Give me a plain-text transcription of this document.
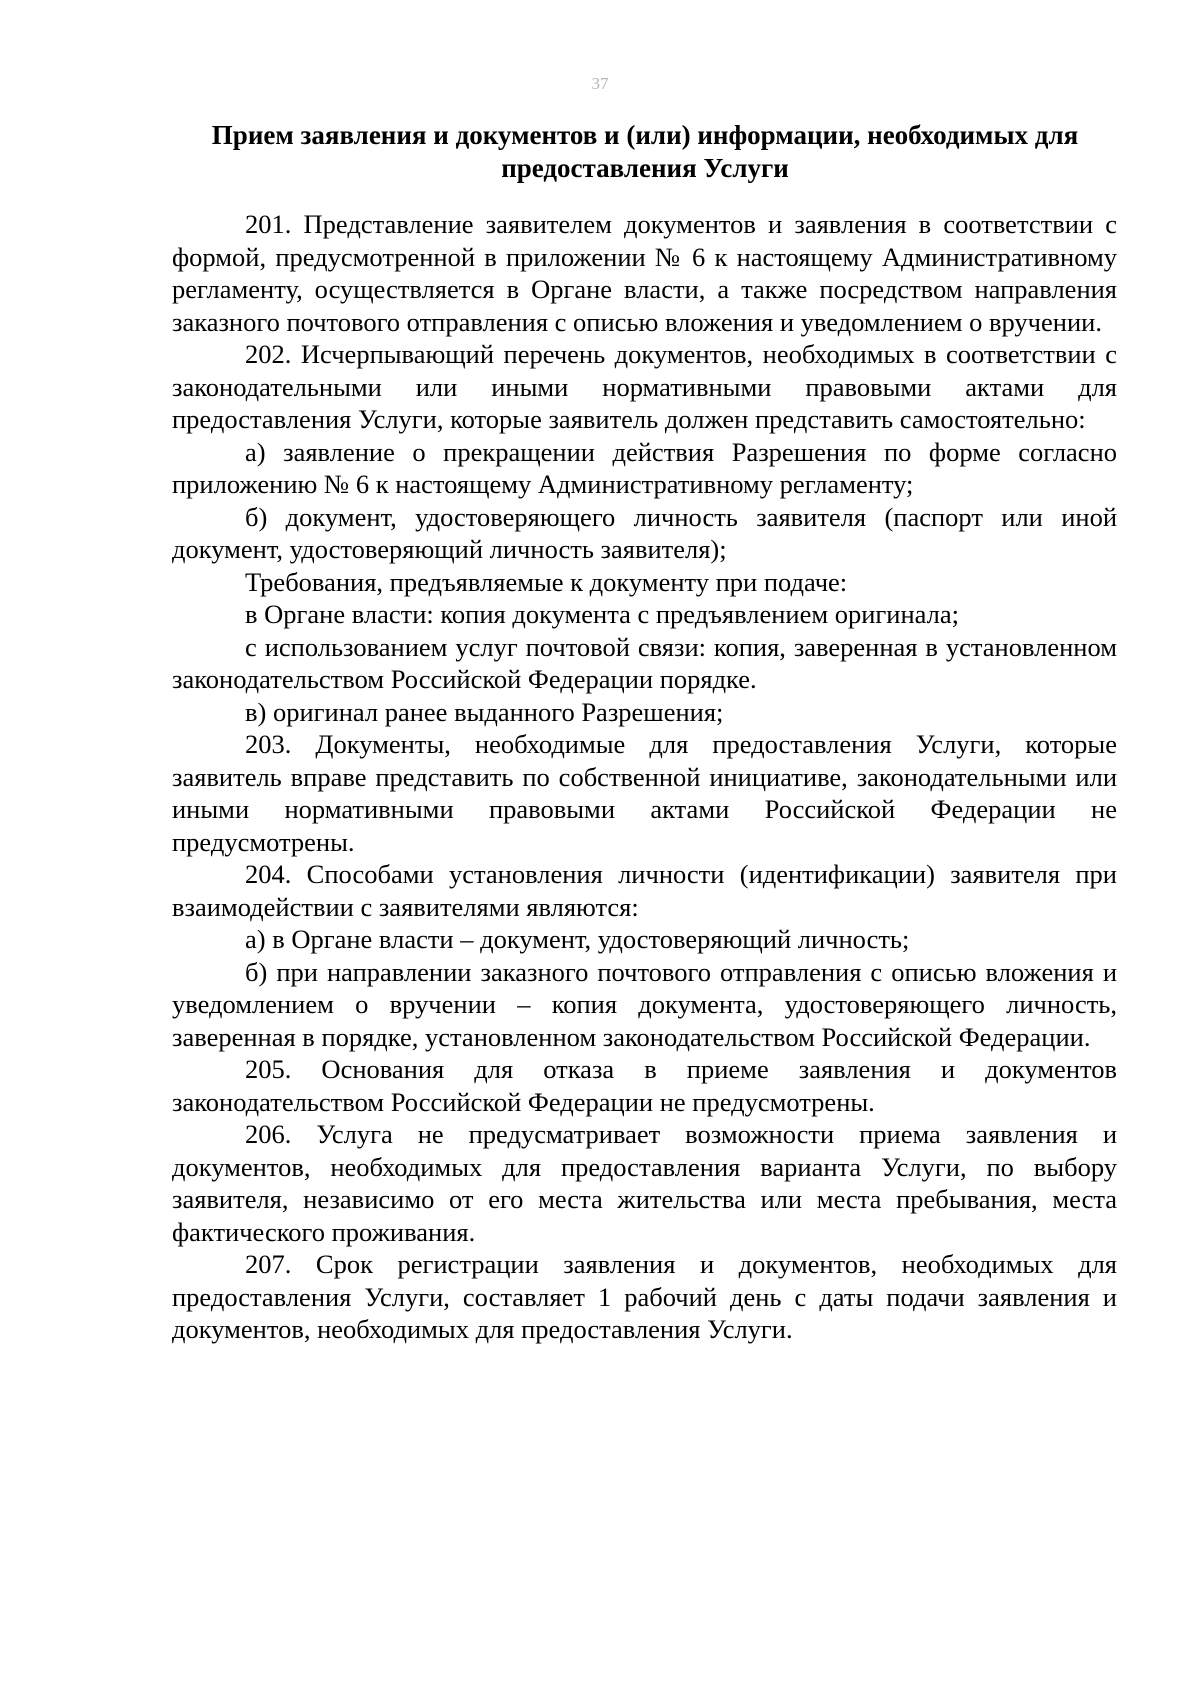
37
Прием заявления и документов и (или) информации, необходимых для предоставления Услуги

201. Представление заявителем документов и заявления в соответствии с формой, предусмотренной в приложении № 6 к настоящему Административному регламенту, осуществляется в Органе власти, а также посредством направления заказного почтового отправления с описью вложения и уведомлением о вручении.

202. Исчерпывающий перечень документов, необходимых в соответствии с законодательными или иными нормативными правовыми актами для предоставления Услуги, которые заявитель должен представить самостоятельно:

а) заявление о прекращении действия Разрешения по форме согласно приложению № 6 к настоящему Административному регламенту;

б) документ, удостоверяющего личность заявителя (паспорт или иной документ, удостоверяющий личность заявителя);

Требования, предъявляемые к документу при подаче:

в Органе власти: копия документа с предъявлением оригинала;

с использованием услуг почтовой связи: копия, заверенная в установленном законодательством Российской Федерации порядке.

в) оригинал ранее выданного Разрешения;

203. Документы, необходимые для предоставления Услуги, которые заявитель вправе представить по собственной инициативе, законодательными или иными нормативными правовыми актами Российской Федерации не предусмотрены.

204. Способами установления личности (идентификации) заявителя при взаимодействии с заявителями являются:

а) в Органе власти – документ, удостоверяющий личность;

б) при направлении заказного почтового отправления с описью вложения и уведомлением о вручении – копия документа, удостоверяющего личность, заверенная в порядке, установленном законодательством Российской Федерации.

205. Основания для отказа в приеме заявления и документов законодательством Российской Федерации не предусмотрены.

206. Услуга не предусматривает возможности приема заявления и документов, необходимых для предоставления варианта Услуги, по выбору заявителя, независимо от его места жительства или места пребывания, места фактического проживания.

207. Срок регистрации заявления и документов, необходимых для предоставления Услуги, составляет 1 рабочий день с даты подачи заявления и документов, необходимых для предоставления Услуги.
